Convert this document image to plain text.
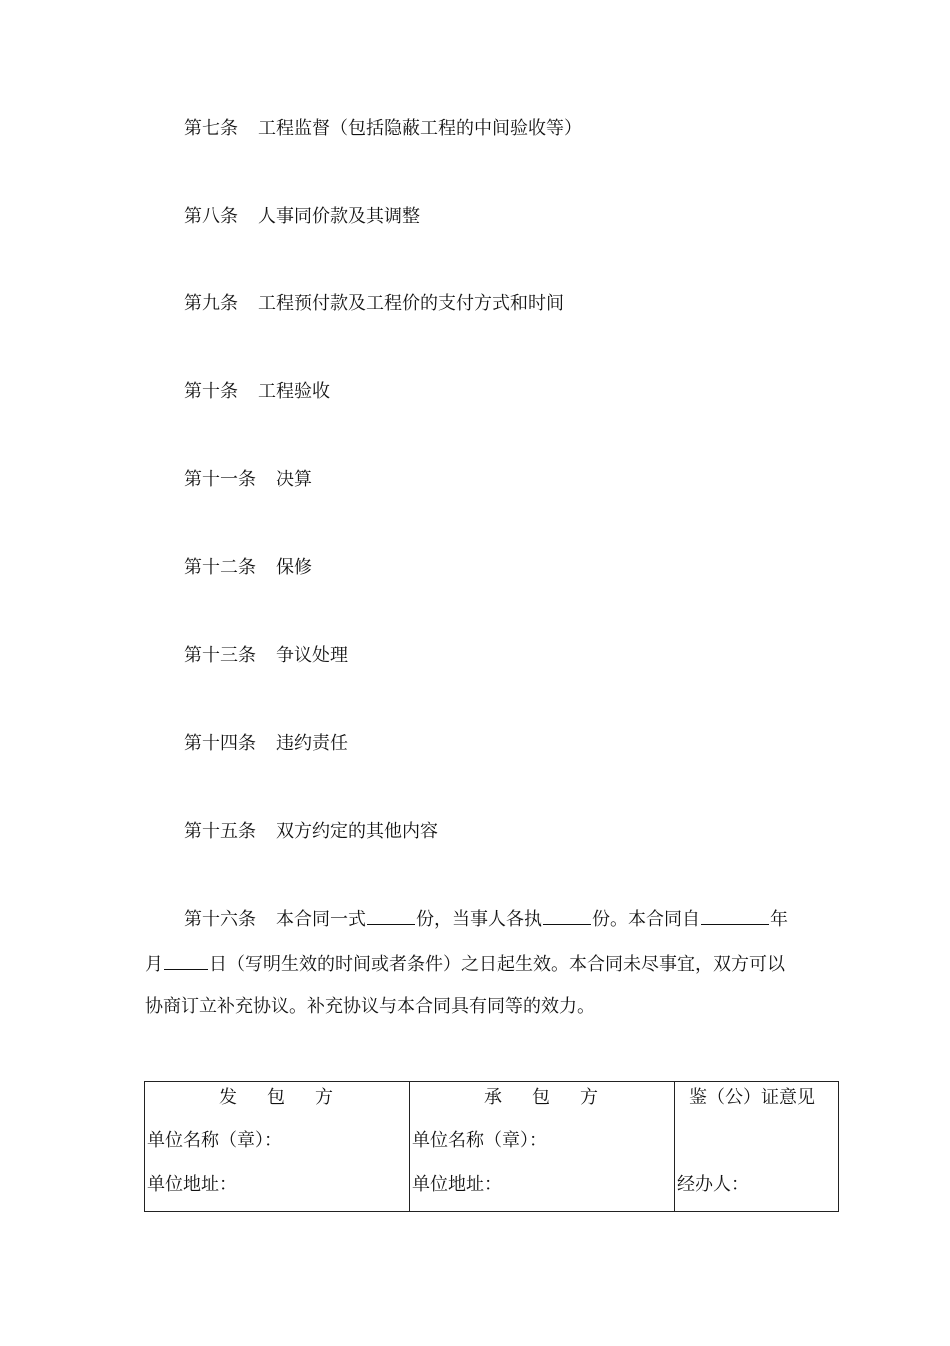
第七条 工程监督（包括隐蔽工程的中间验收等）

第八条 人事同价款及其调整

第九条 工程预付款及工程价的支付方式和时间

第十条 工程验收

第十一条 决算

第十二条 保修

第十三条 争议处理

第十四条 违约责任

第十五条 双方约定的其他内容

第十六条 本合同一式	份，当事人各执	份。本合同自	年
月	日（写明生效的时间或者条件）之日起生效。本合同未尽事宜，双方可以
协商订立补充协议。补充协议与本合同具有同等的效力。
发包方
单位名称（章）：
单位地址：

承包方
单位名称（章）：
单位地址：

鉴（公）证意见
经办人：
